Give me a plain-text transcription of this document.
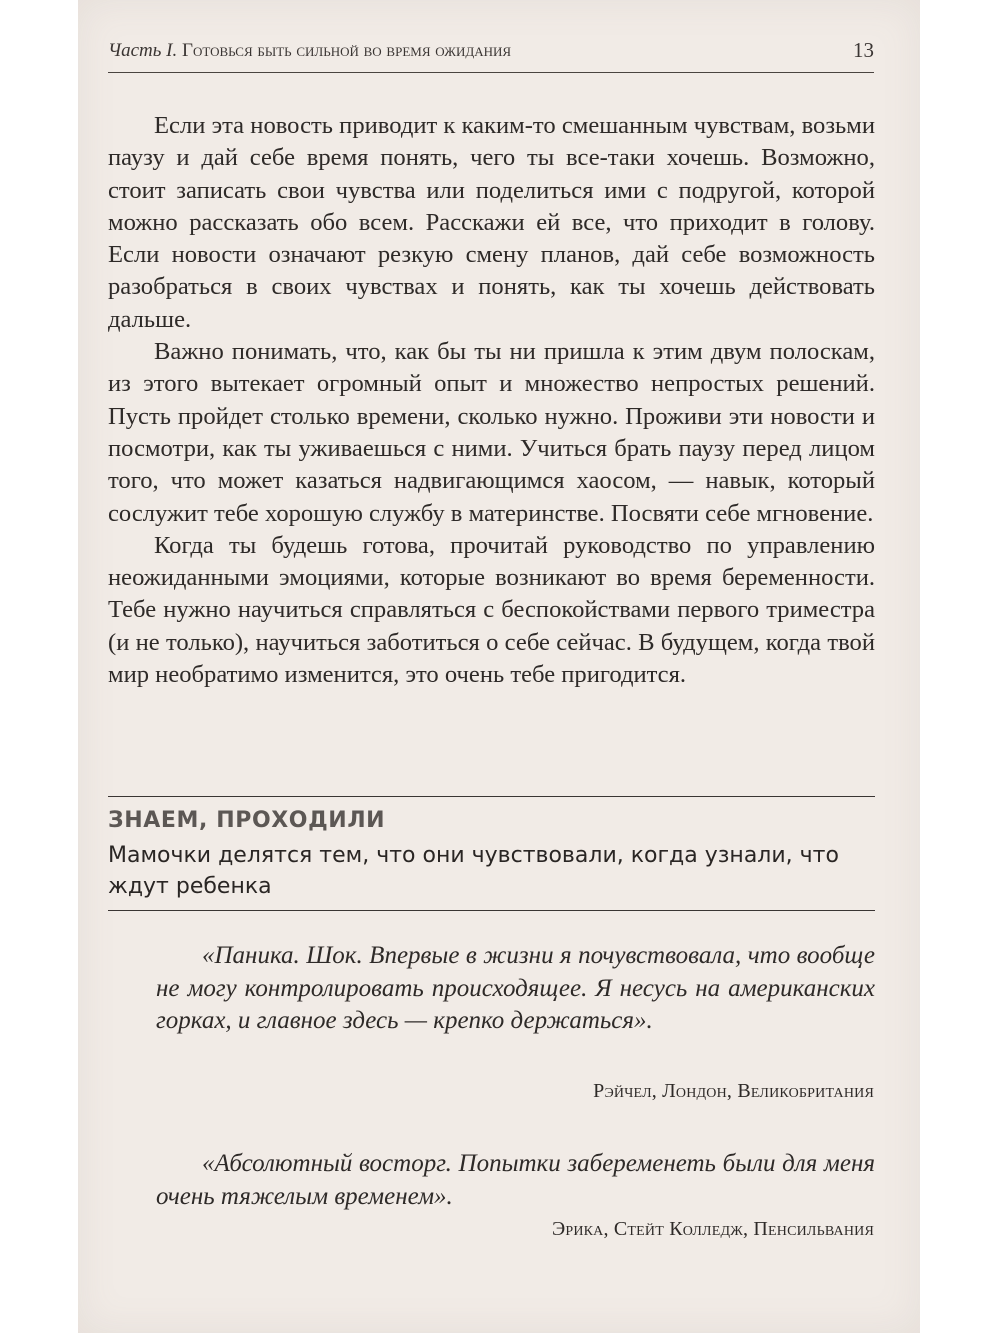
Часть I. Готовься быть сильной во время ожидания	13

Если эта новость приводит к каким-то смешанным чувствам, возьми паузу и дай себе время понять, чего ты все-таки хочешь. Возможно, стоит записать свои чувства или поделиться ими с подругой, которой можно рассказать обо всем. Расскажи ей все, что приходит в голову. Если новости означают резкую смену планов, дай себе возможность разобраться в своих чувствах и понять, как ты хочешь действовать дальше.

Важно понимать, что, как бы ты ни пришла к этим двум полоскам, из этого вытекает огромный опыт и множество непростых решений. Пусть пройдет столько времени, сколько нужно. Проживи эти новости и посмотри, как ты уживаешься с ними. Учиться брать паузу перед лицом того, что может казаться надвигающимся хаосом, — навык, который сослужит тебе хорошую службу в материнстве. Посвяти себе мгновение.

Когда ты будешь готова, прочитай руководство по управлению неожиданными эмоциями, которые возникают во время беременности. Тебе нужно научиться справляться с беспокойствами первого триместра (и не только), научиться заботиться о себе сейчас. В будущем, когда твой мир необратимо изменится, это очень тебе пригодится.

ЗНАЕМ, ПРОХОДИЛИ
Мамочки делятся тем, что они чувствовали, когда узнали, что ждут ребенка

«Паника. Шок. Впервые в жизни я почувствовала, что вообще не могу контролировать происходящее. Я несусь на американских горках, и главное здесь — крепко держаться».

Рэйчел, Лондон, Великобритания

«Абсолютный восторг. Попытки забеременеть были для меня очень тяжелым временем».

Эрика, Стейт Колледж, Пенсильвания
